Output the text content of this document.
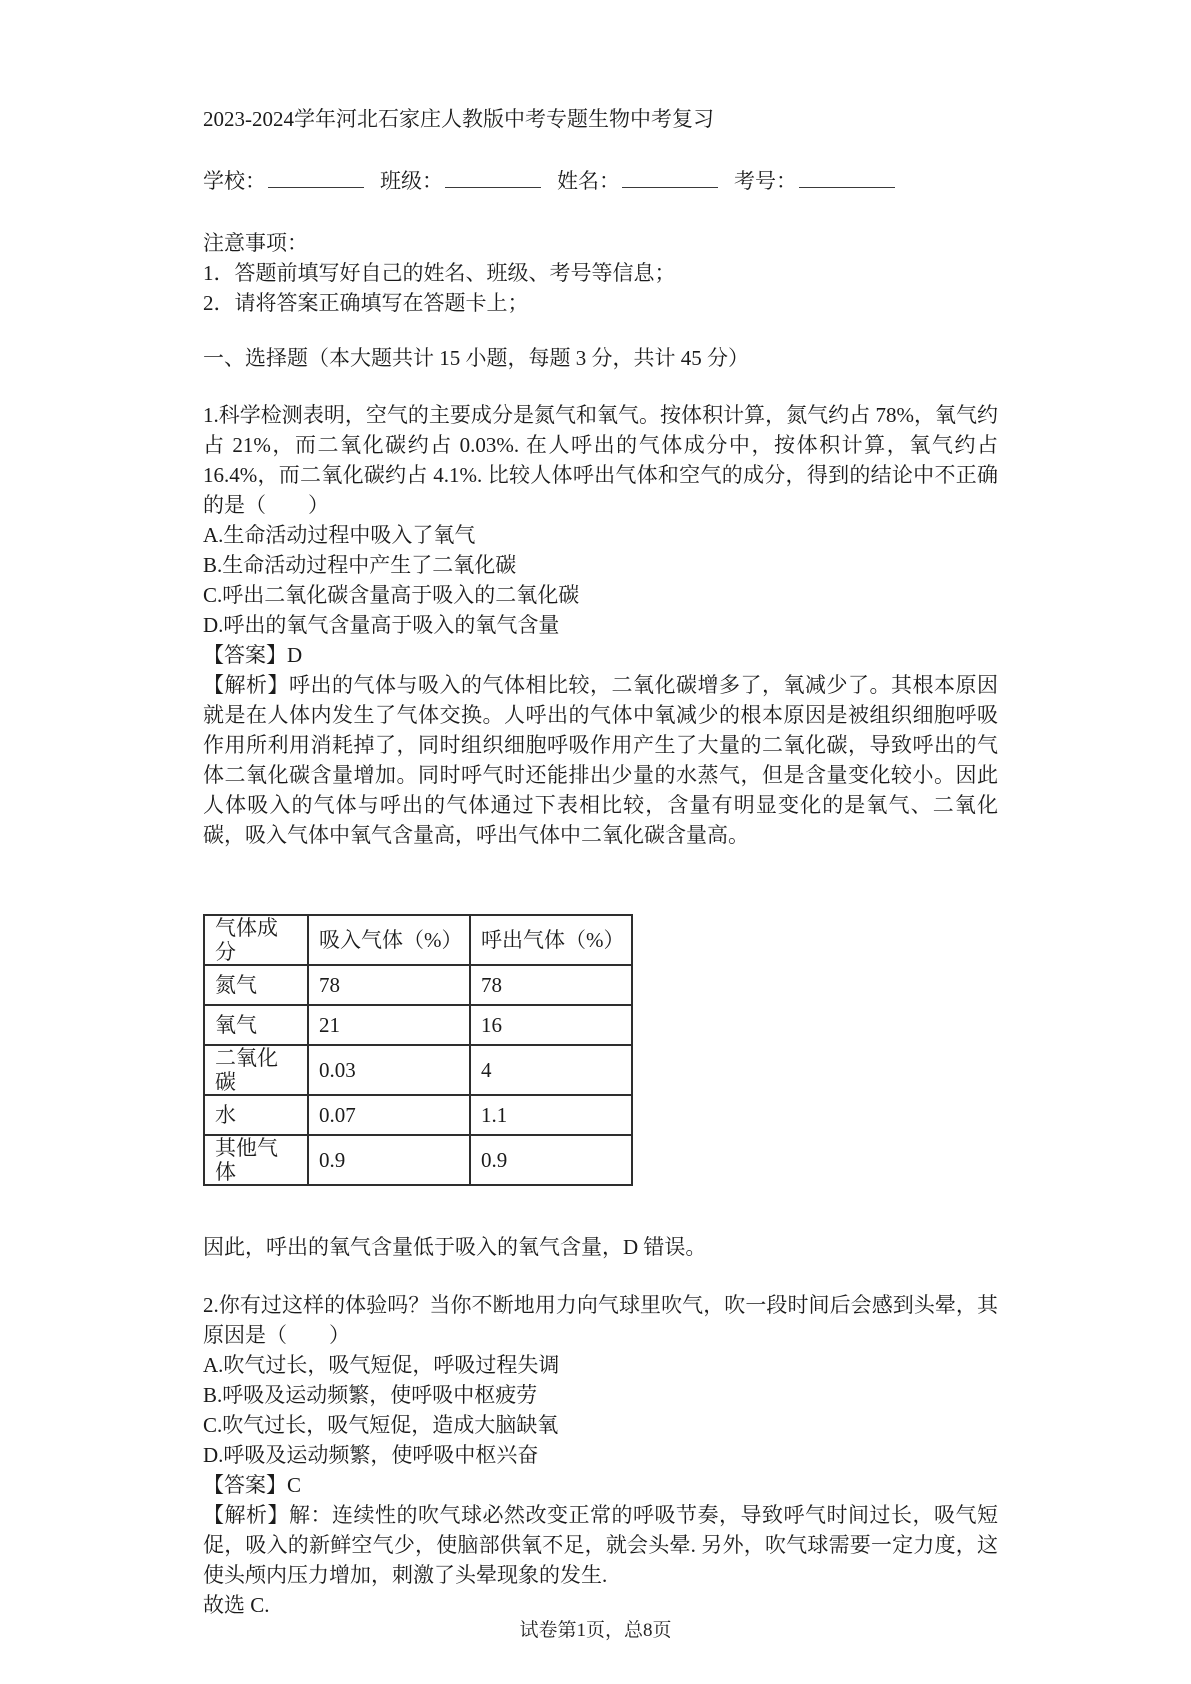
2023-2024学年河北石家庄人教版中考专题生物中考复习
学校：	班级：	姓名：	考号：
注意事项：
1．答题前填写好自己的姓名、班级、考号等信息；
2．请将答案正确填写在答题卡上；
一、选择题（本大题共计 15 小题，每题 3 分，共计 45 分）
1.科学检测表明，空气的主要成分是氮气和氧气。按体积计算，氮气约占 78%，氧气约占 21%，而二氧化碳约占 0.03%. 在人呼出的气体成分中，按体积计算，氧气约占 16.4%，而二氧化碳约占 4.1%. 比较人体呼出气体和空气的成分，得到的结论中不正确的是（　　）
A.生命活动过程中吸入了氧气
B.生命活动过程中产生了二氧化碳
C.呼出二氧化碳含量高于吸入的二氧化碳
D.呼出的氧气含量高于吸入的氧气含量
【答案】D
【解析】呼出的气体与吸入的气体相比较，二氧化碳增多了，氧减少了。其根本原因就是在人体内发生了气体交换。人呼出的气体中氧减少的根本原因是被组织细胞呼吸作用所利用消耗掉了，同时组织细胞呼吸作用产生了大量的二氧化碳，导致呼出的气体二氧化碳含量增加。同时呼气时还能排出少量的水蒸气，但是含量变化较小。因此人体吸入的气体与呼出的气体通过下表相比较，含量有明显变化的是氧气、二氧化碳，吸入气体中氧气含量高，呼出气体中二氧化碳含量高。
气体成分	吸入气体（%）	呼出气体（%）
氮气	78	78
氧气	21	16
二氧化碳	0.03	4
水	0.07	1.1
其他气体	0.9	0.9
因此，呼出的氧气含量低于吸入的氧气含量，D 错误。
2.你有过这样的体验吗？当你不断地用力向气球里吹气，吹一段时间后会感到头晕，其原因是（　　）
A.吹气过长，吸气短促，呼吸过程失调
B.呼吸及运动频繁，使呼吸中枢疲劳
C.吹气过长，吸气短促，造成大脑缺氧
D.呼吸及运动频繁，使呼吸中枢兴奋
【答案】C
【解析】解：连续性的吹气球必然改变正常的呼吸节奏，导致呼气时间过长，吸气短促，吸入的新鲜空气少，使脑部供氧不足，就会头晕. 另外，吹气球需要一定力度，这使头颅内压力增加，刺激了头晕现象的发生.
故选 C.
试卷第1页，总8页
